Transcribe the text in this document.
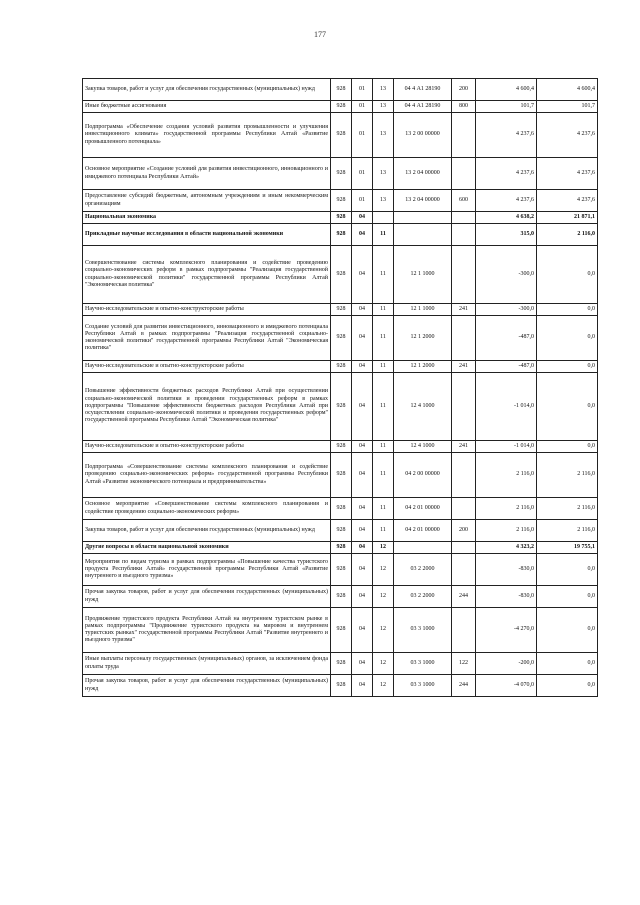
177
Закупка товаров, работ и услуг для обеспечения государственных (муниципальных) нужд	928	01	13	04 4 А1 28190	200	4 600,4	4 600,4
Иные бюджетные ассигнования	928	01	13	04 4 А1 28190	800	101,7	101,7
Подпрограмма «Обеспечение создания условий развития промышленности и улучшения инвестиционного климата» государственной программы Республики Алтай «Развитие промышленного потенциала»	928	01	13	13 2 00 00000		4 237,6	4 237,6
Основное мероприятие «Создание условий для развития инвестиционного, инновационного и имиджевого потенциала Республики Алтай»	928	01	13	13 2 04 00000		4 237,6	4 237,6
Предоставление субсидий бюджетным, автономным учреждениям и иным некоммерческим организациям	928	01	13	13 2 04 00000	600	4 237,6	4 237,6
Национальная экономика	928	04				4 638,2	21 871,1
Прикладные научные исследования в области национальной экономики	928	04	11			315,0	2 116,0
Совершенствование системы комплексного планирования и содействие проведению социально-экономических реформ в рамках подпрограммы "Реализация государственной социально-экономической политики" государственной программы Республики Алтай "Экономическая политика"	928	04	11	12 1 1000		-300,0	0,0
Научно-исследовательские и опытно-конструкторские работы	928	04	11	12 1 1000	241	-300,0	0,0
Создание условий для развития инвестиционного, инновационного и имиджевого потенциала Республики Алтай в рамках подпрограммы "Реализация государственной социально-экономической политики" государственной программы Республики Алтай "Экономическая политика"	928	04	11	12 1 2000		-487,0	0,0
Научно-исследовательские и опытно-конструкторские работы	928	04	11	12 1 2000	241	-487,0	0,0
Повышение эффективности бюджетных расходов Республики Алтай при осуществлении социально-экономической политики и проведении государственных реформ в рамках подпрограммы "Повышение эффективности бюджетных расходов Республики Алтай при осуществлении социально-экономической политики и проведения государственных реформ" государственной программы Республики Алтай "Экономическая политика"	928	04	11	12 4 1000		-1 014,0	0,0
Научно-исследовательские и опытно-конструкторские работы	928	04	11	12 4 1000	241	-1 014,0	0,0
Подпрограмма «Совершенствование системы комплексного планирования и содействие проведению социально-экономических реформ» государственной программы Республики Алтай «Развитие экономического потенциала и предпринимательства»	928	04	11	04 2 00 00000		2 116,0	2 116,0
Основное мероприятие «Совершенствование системы комплексного планирования и содействие проведению социально-экономических реформ»	928	04	11	04 2 01 00000		2 116,0	2 116,0
Закупка товаров, работ и услуг для обеспечения государственных (муниципальных) нужд	928	04	11	04 2 01 00000	200	2 116,0	2 116,0
Другие вопросы в области национальной экономики	928	04	12			4 323,2	19 755,1
Мероприятия по видам туризма в рамках подпрограммы «Повышение качества туристского продукта Республики Алтай» государственной программы Республики Алтай «Развитие внутреннего и въездного туризма»	928	04	12	03 2 2000		-830,0	0,0
Прочая закупка товаров, работ и услуг для обеспечения государственных (муниципальных) нужд	928	04	12	03 2 2000	244	-830,0	0,0
Продвижение туристского продукта Республики Алтай на внутреннем туристском рынке в рамках подпрограммы "Продвижение туристского продукта на мировом и внутреннем туристских рынках" государственной программы Республики Алтай "Развитие внутреннего и въездного туризма"	928	04	12	03 3 1000		-4 270,0	0,0
Иные выплаты персоналу государственных (муниципальных) органов, за исключением фонда оплаты труда	928	04	12	03 3 1000	122	-200,0	0,0
Прочая закупка товаров, работ и услуг для обеспечения государственных (муниципальных) нужд	928	04	12	03 3 1000	244	-4 070,0	0,0
